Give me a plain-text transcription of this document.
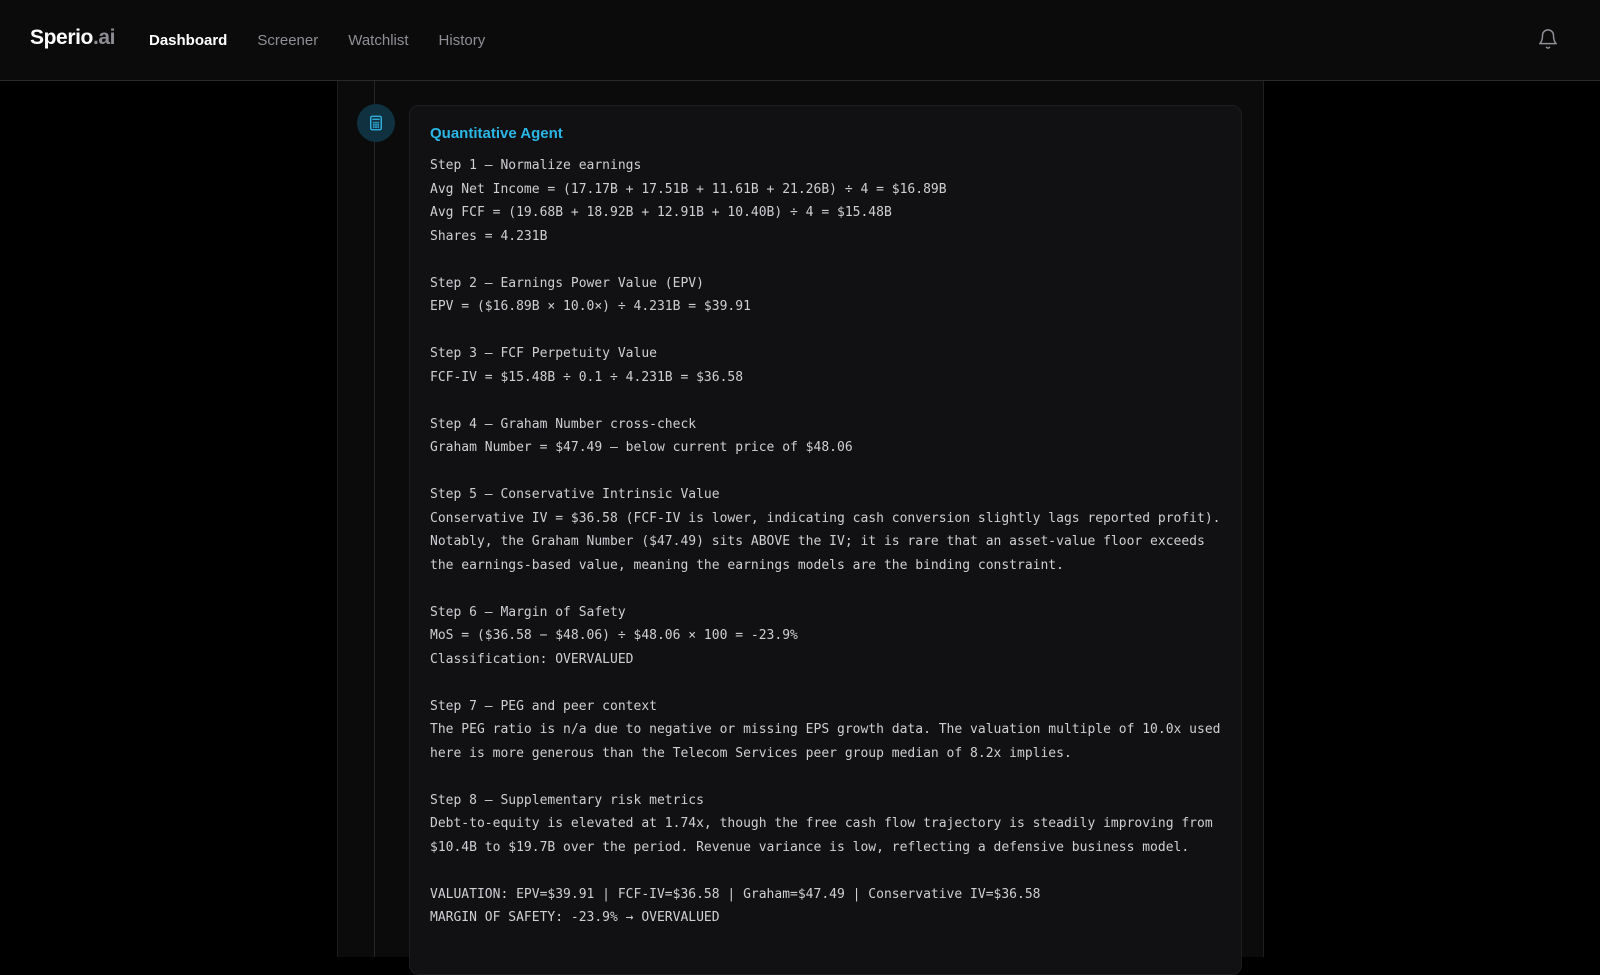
Sperio.ai Dashboard Screener Watchlist History
Quantitative Agent
Step 1 — Normalize earnings
Avg Net Income = (17.17B + 17.51B + 11.61B + 21.26B) ÷ 4 = $16.89B
Avg FCF = (19.68B + 18.92B + 12.91B + 10.40B) ÷ 4 = $15.48B
Shares = 4.231B
Step 2 — Earnings Power Value (EPV)
EPV = ($16.89B × 10.0×) ÷ 4.231B = $39.91
Step 3 — FCF Perpetuity Value
FCF-IV = $15.48B ÷ 0.1 ÷ 4.231B = $36.58
Step 4 — Graham Number cross-check
Graham Number = $47.49 — below current price of $48.06
Step 5 — Conservative Intrinsic Value
Conservative IV = $36.58 (FCF-IV is lower, indicating cash conversion slightly lags reported profit). Notably, the Graham Number ($47.49) sits ABOVE the IV; it is rare that an asset-value floor exceeds the earnings-based value, meaning the earnings models are the binding constraint.
Step 6 — Margin of Safety
MoS = ($36.58 − $48.06) ÷ $48.06 × 100 = -23.9%
Classification: OVERVALUED
Step 7 — PEG and peer context
The PEG ratio is n/a due to negative or missing EPS growth data. The valuation multiple of 10.0x used here is more generous than the Telecom Services peer group median of 8.2x implies.
Step 8 — Supplementary risk metrics
Debt-to-equity is elevated at 1.74x, though the free cash flow trajectory is steadily improving from $10.4B to $19.7B over the period. Revenue variance is low, reflecting a defensive business model.
VALUATION: EPV=$39.91 | FCF-IV=$36.58 | Graham=$47.49 | Conservative IV=$36.58
MARGIN OF SAFETY: -23.9% → OVERVALUED
